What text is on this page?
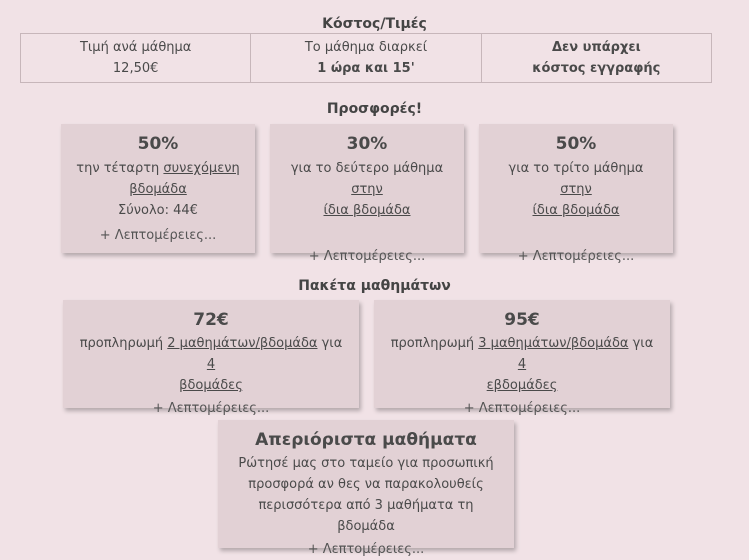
Κόστος/Τιμές
Τιμή ανά μάθημα
12,50€

Το μάθημα διαρκεί
1 ώρα και 15'

Δεν υπάρχει
κόστος εγγραφής
Προσφορές!
50%
την τέταρτη συνεχόμενη
βδομάδα
Σύνολο: 44€
+ Λεπτομέρειες...
30%
για το δεύτερο μάθημα στην
ίδια βδομάδα
+ Λεπτομέρειες...
50%
για το τρίτο μάθημα στην
ίδια βδομάδα
+ Λεπτομέρειες...
Πακέτα μαθημάτων
72€
προπληρωμή 2 μαθημάτων/βδομάδα για 4
βδομάδες
+ Λεπτομέρειες...
95€
προπληρωμή 3 μαθημάτων/βδομάδα για 4
εβδομάδες
+ Λεπτομέρειες...
Απεριόριστα μαθήματα
Ρώτησέ μας στο ταμείο για προσωπική
προσφορά αν θες να παρακολουθείς
περισσότερα από 3 μαθήματα τη βδομάδα
+ Λεπτομέρειες...
